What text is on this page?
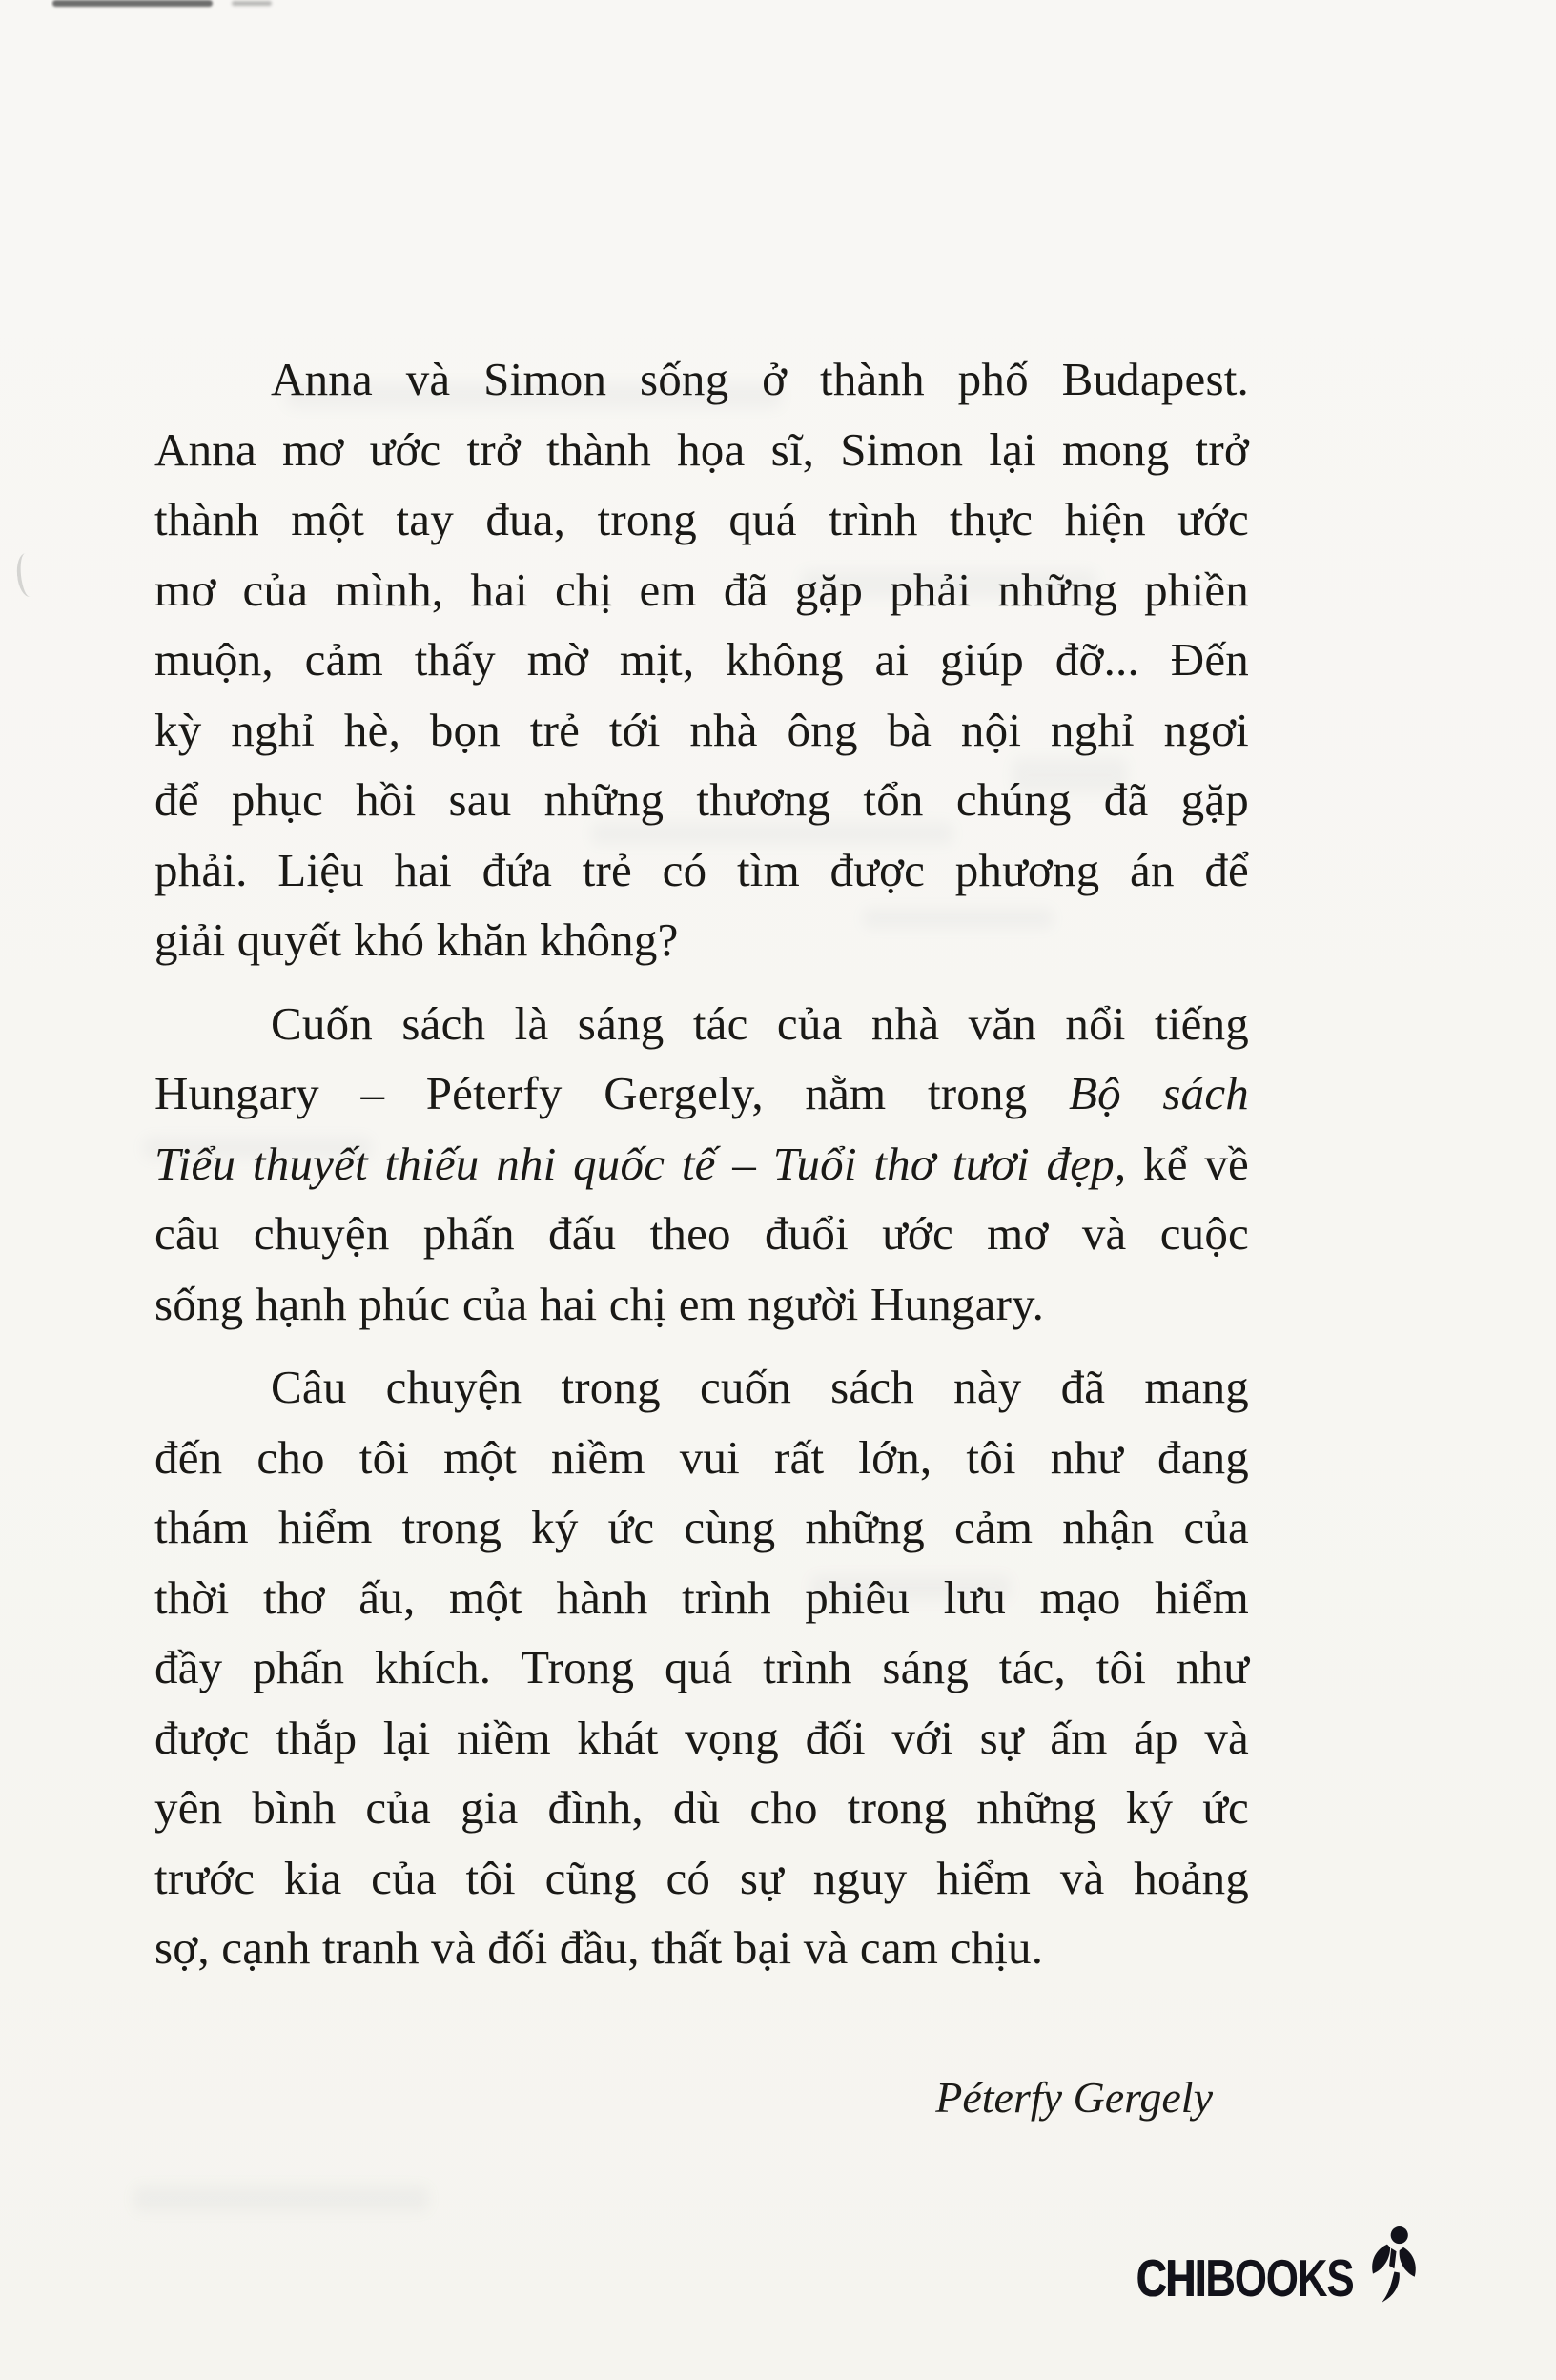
Anna và Simon sống ở thành phố Budapest.
Anna mơ ước trở thành họa sĩ, Simon lại mong trở
thành một tay đua, trong quá trình thực hiện ước
mơ của mình, hai chị em đã gặp phải những phiền
muộn, cảm thấy mờ mịt, không ai giúp đỡ... Đến
kỳ nghỉ hè, bọn trẻ tới nhà ông bà nội nghỉ ngơi
để phục hồi sau những thương tổn chúng đã gặp
phải. Liệu hai đứa trẻ có tìm được phương án để
giải quyết khó khăn không?
Cuốn sách là sáng tác của nhà văn nổi tiếng
Hungary – Péterfy Gergely, nằm trong Bộ sách
Tiểu thuyết thiếu nhi quốc tế – Tuổi thơ tươi đẹp, kể về
câu chuyện phấn đấu theo đuổi ước mơ và cuộc
sống hạnh phúc của hai chị em người Hungary.
Câu chuyện trong cuốn sách này đã mang
đến cho tôi một niềm vui rất lớn, tôi như đang
thám hiểm trong ký ức cùng những cảm nhận của
thời thơ ấu, một hành trình phiêu lưu mạo hiểm
đầy phấn khích. Trong quá trình sáng tác, tôi như
được thắp lại niềm khát vọng đối với sự ấm áp và
yên bình của gia đình, dù cho trong những ký ức
trước kia của tôi cũng có sự nguy hiểm và hoảng
sợ, cạnh tranh và đối đầu, thất bại và cam chịu.
Péterfy Gergely
CHIBOOKS
